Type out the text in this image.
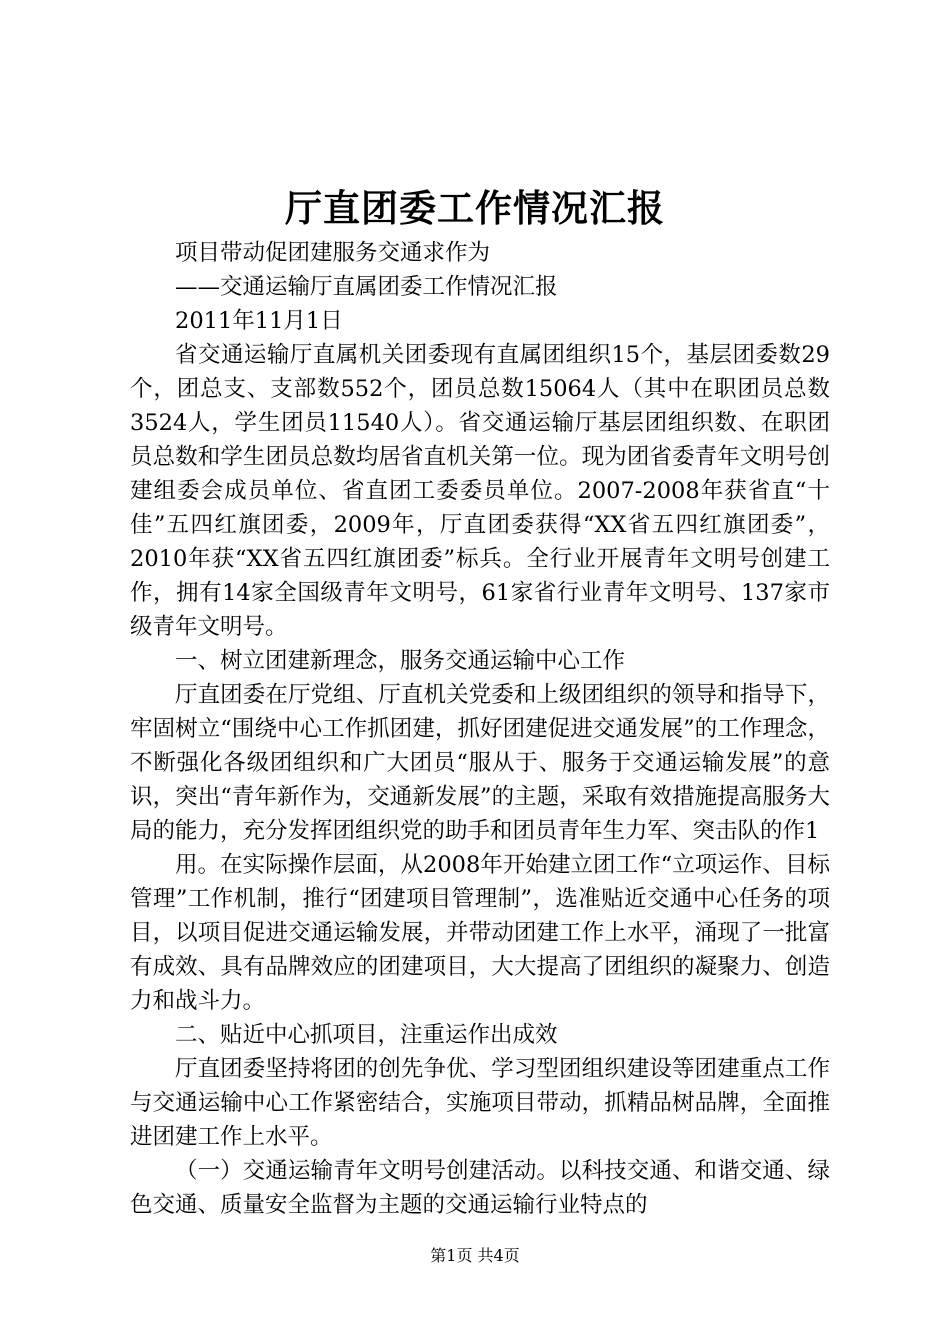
厅直团委工作情况汇报

项目带动促团建服务交通求作为

——交通运输厅直属团委工作情况汇报

2011年11月1日

省交通运输厅直属机关团委现有直属团组织15个，基层团委数29个，团总支、支部数552个，团员总数15064人（其中在职团员总数3524人，学生团员11540人）。省交通运输厅基层团组织数、在职团员总数和学生团员总数均居省直机关第一位。现为团省委青年文明号创建组委会成员单位、省直团工委委员单位。2007-2008年获省直“十佳”五四红旗团委，2009年，厅直团委获得“XX省五四红旗团委”，2010年获“XX省五四红旗团委”标兵。全行业开展青年文明号创建工作，拥有14家全国级青年文明号，61家省行业青年文明号、137家市级青年文明号。

一、树立团建新理念，服务交通运输中心工作

厅直团委在厅党组、厅直机关党委和上级团组织的领导和指导下，牢固树立“围绕中心工作抓团建，抓好团建促进交通发展”的工作理念，不断强化各级团组织和广大团员“服从于、服务于交通运输发展”的意识，突出“青年新作为，交通新发展”的主题，采取有效措施提高服务大局的能力，充分发挥团组织党的助手和团员青年生力军、突击队的作1

用。在实际操作层面，从2008年开始建立团工作“立项运作、目标管理”工作机制，推行“团建项目管理制”，选准贴近交通中心任务的项目，以项目促进交通运输发展，并带动团建工作上水平，涌现了一批富有成效、具有品牌效应的团建项目，大大提高了团组织的凝聚力、创造力和战斗力。

二、贴近中心抓项目，注重运作出成效

厅直团委坚持将团的创先争优、学习型团组织建设等团建重点工作与交通运输中心工作紧密结合，实施项目带动，抓精品树品牌，全面推进团建工作上水平。

（一）交通运输青年文明号创建活动。以科技交通、和谐交通、绿色交通、质量安全监督为主题的交通运输行业特点的

第1页 共4页
